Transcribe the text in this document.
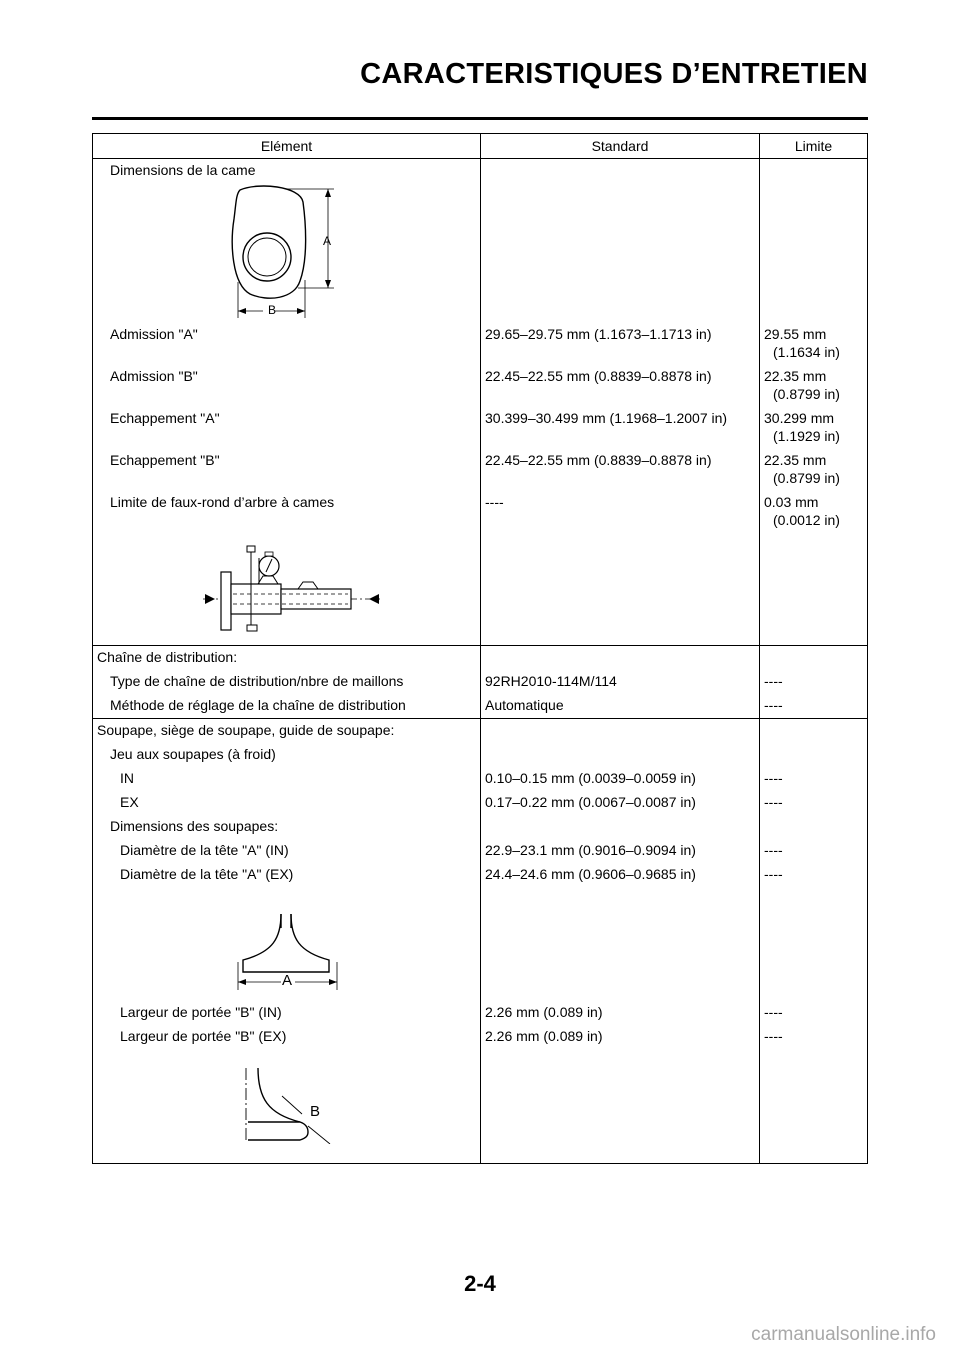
CARACTERISTIQUES D’ENTRETIEN
Elément	Standard	Limite
Dimensions de la came
A
B
Admission "A"	29.65–29.75 mm (1.1673–1.1713 in)	29.55 mm
(1.1634 in)
Admission "B"	22.45–22.55 mm (0.8839–0.8878 in)	22.35 mm
(0.8799 in)
Echappement "A"	30.399–30.499 mm (1.1968–1.2007 in)	30.299 mm
(1.1929 in)
Echappement "B"	22.45–22.55 mm (0.8839–0.8878 in)	22.35 mm
(0.8799 in)
Limite de faux-rond d’arbre à cames	----	0.03 mm
(0.0012 in)
Chaîne de distribution:
Type de chaîne de distribution/nbre de maillons	92RH2010-114M/114	----
Méthode de réglage de la chaîne de distribution	Automatique	----
Soupape, siège de soupape, guide de soupape:
Jeu aux soupapes (à froid)
IN	0.10–0.15 mm (0.0039–0.0059 in)	----
EX	0.17–0.22 mm (0.0067–0.0087 in)	----
Dimensions des soupapes:
Diamètre de la tête "A" (IN)	22.9–23.1 mm (0.9016–0.9094 in)	----
Diamètre de la tête "A" (EX)	24.4–24.6 mm (0.9606–0.9685 in)	----
A
Largeur de portée "B" (IN)	2.26 mm (0.089 in)	----
Largeur de portée "B" (EX)	2.26 mm (0.089 in)	----
B
2-4
carmanualsonline.info
